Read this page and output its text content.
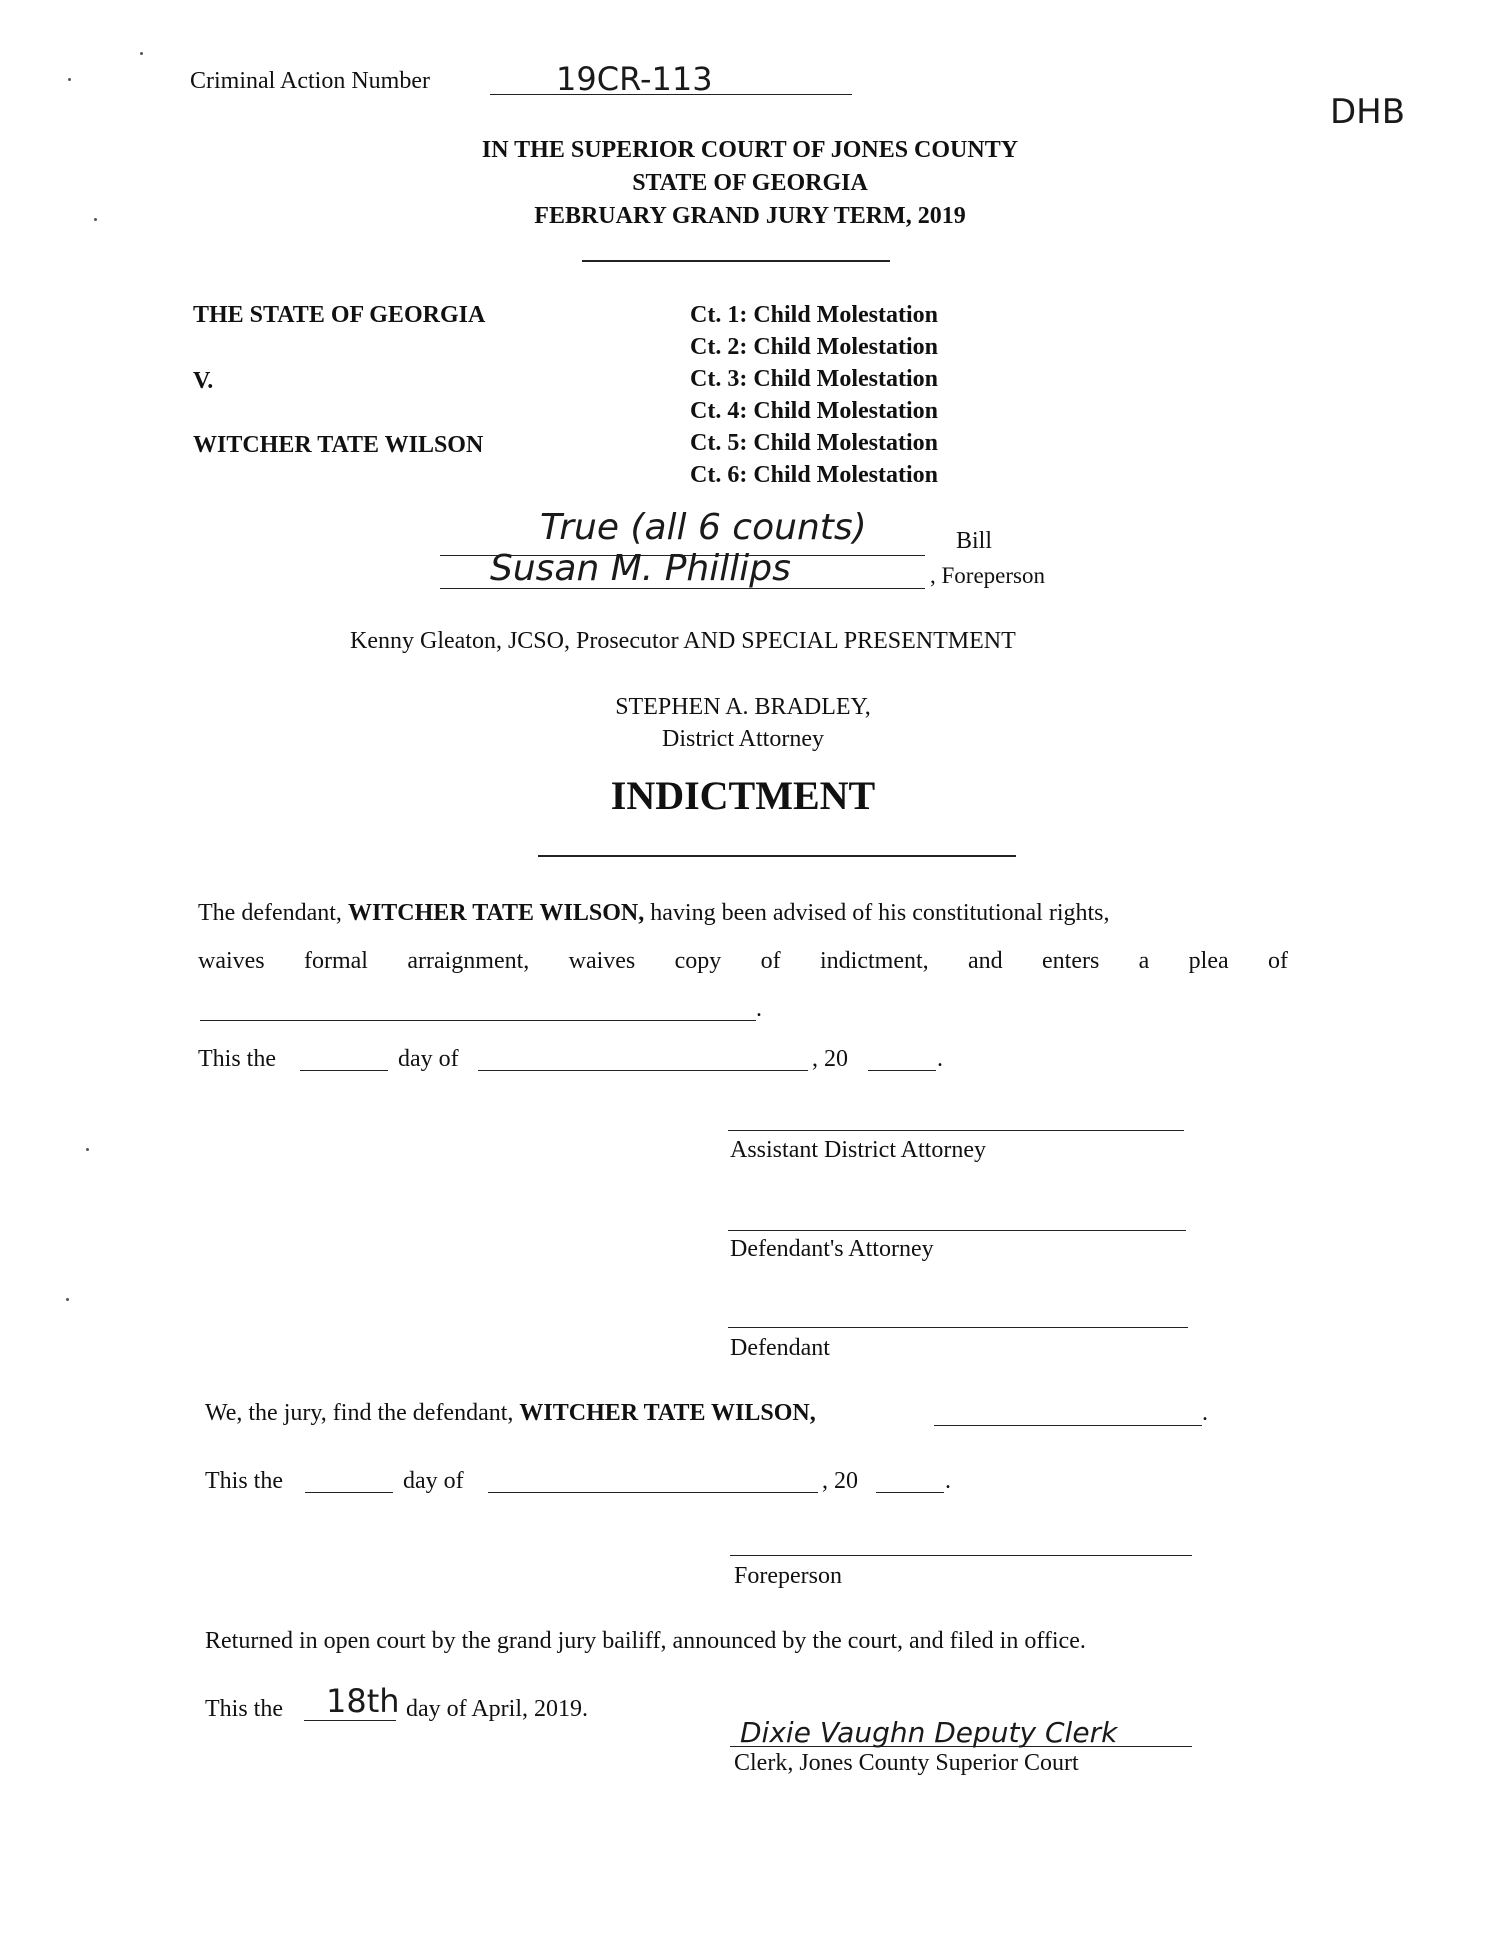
Criminal Action Number	19CR-113
DHB
IN THE SUPERIOR COURT OF JONES COUNTY
STATE OF GEORGIA
FEBRUARY GRAND JURY TERM, 2019
THE STATE OF GEORGIA
V.
WITCHER TATE WILSON
Ct. 1: Child Molestation
Ct. 2: Child Molestation
Ct. 3: Child Molestation
Ct. 4: Child Molestation
Ct. 5: Child Molestation
Ct. 6: Child Molestation
True (all 6 counts)	Bill
Susan M. Phillips	, Foreperson
Kenny Gleaton, JCSO, Prosecutor AND SPECIAL PRESENTMENT
STEPHEN A. BRADLEY,
District Attorney
INDICTMENT
The defendant, WITCHER TATE WILSON, having been advised of his constitutional rights,
waives formal arraignment, waives copy of indictment, and enters a plea of
.
This the	day of	, 20	.
Assistant District Attorney
Defendant's Attorney
Defendant
We, the jury, find the defendant, WITCHER TATE WILSON,	.
This the	day of	, 20	.
Foreperson
Returned in open court by the grand jury bailiff, announced by the court, and filed in office.
This the 18th day of April, 2019.
Dixie Vaughn Deputy Clerk
Clerk, Jones County Superior Court
